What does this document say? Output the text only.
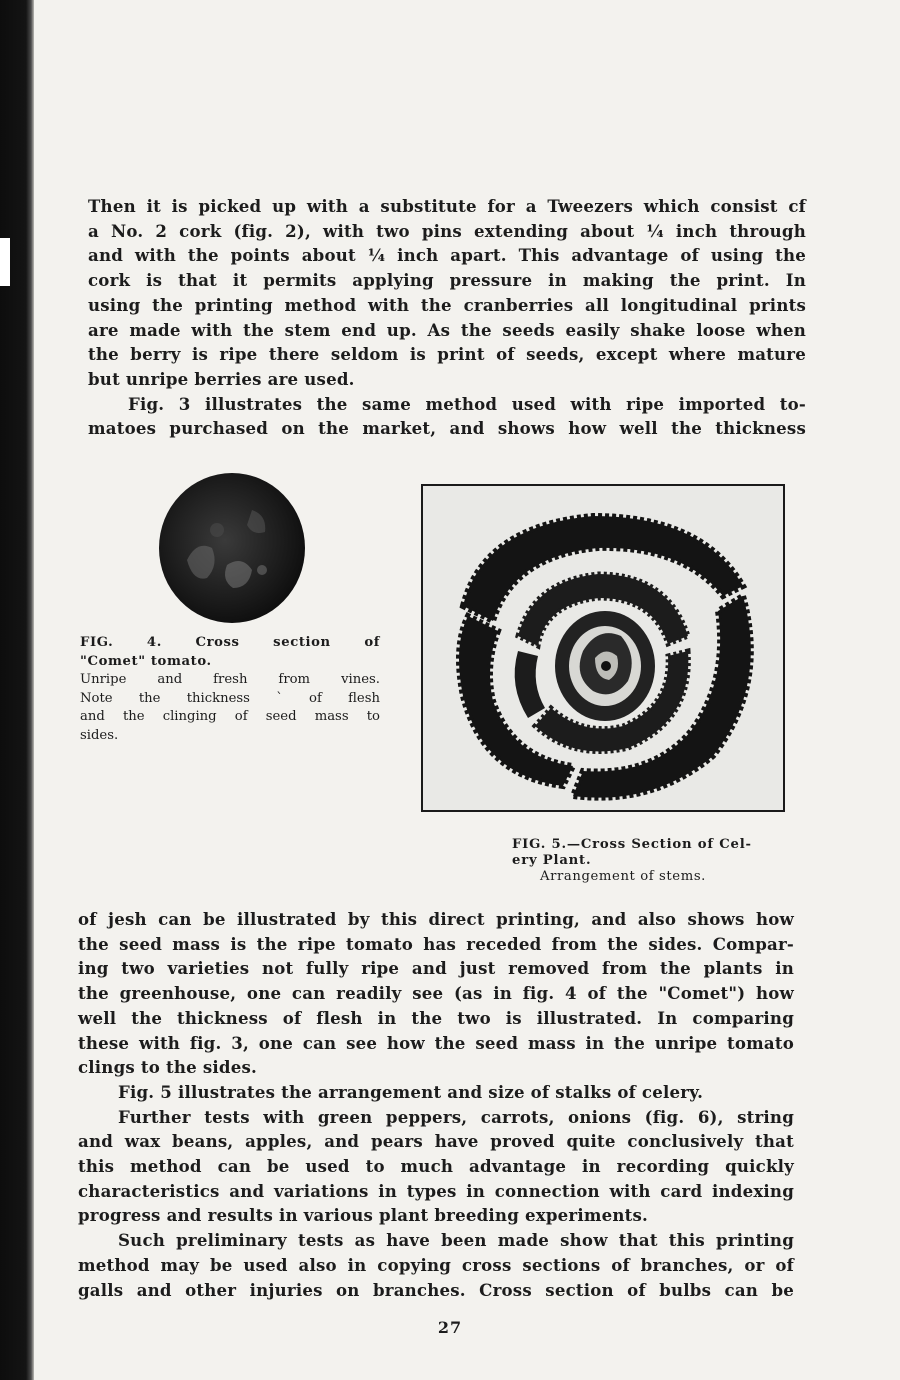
Then it is picked up with a substitute for a Tweezers which consist cf
a No. 2 cork (fig. 2), with two pins extending about ¼ inch through
and with the points about ¼ inch apart. This advantage of using the
cork is that it permits applying pressure in making the print. In
using the printing method with the cranberries all longitudinal prints
are made with the stem end up. As the seeds easily shake loose when
the berry is ripe there seldom is print of seeds, except where mature
but unripe berries are used.
Fig. 3 illustrates the same method used with ripe imported to-
matoes purchased on the market, and shows how well the thickness

FIG. 4. Cross section of
"Comet" tomato.
Unripe and fresh from vines.
Note the thickness ` of flesh
and the clinging of seed mass to
sides.
FIG. 5.—Cross Section of Cel-
ery Plant.
Arrangement of stems.

of jesh can be illustrated by this direct printing, and also shows how
the seed mass is the ripe tomato has receded from the sides. Compar-
ing two varieties not fully ripe and just removed from the plants in
the greenhouse, one can readily see (as in fig. 4 of the "Comet") how
well the thickness of flesh in the two is illustrated. In comparing
these with fig. 3, one can see how the seed mass in the unripe tomato
clings to the sides.
Fig. 5 illustrates the arrangement and size of stalks of celery.
Further tests with green peppers, carrots, onions (fig. 6), string
and wax beans, apples, and pears have proved quite conclusively that
this method can be used to much advantage in recording quickly
characteristics and variations in types in connection with card indexing
progress and results in various plant breeding experiments.
Such preliminary tests as have been made show that this printing
method may be used also in copying cross sections of branches, or of
galls and other injuries on branches. Cross section of bulbs can be

27
